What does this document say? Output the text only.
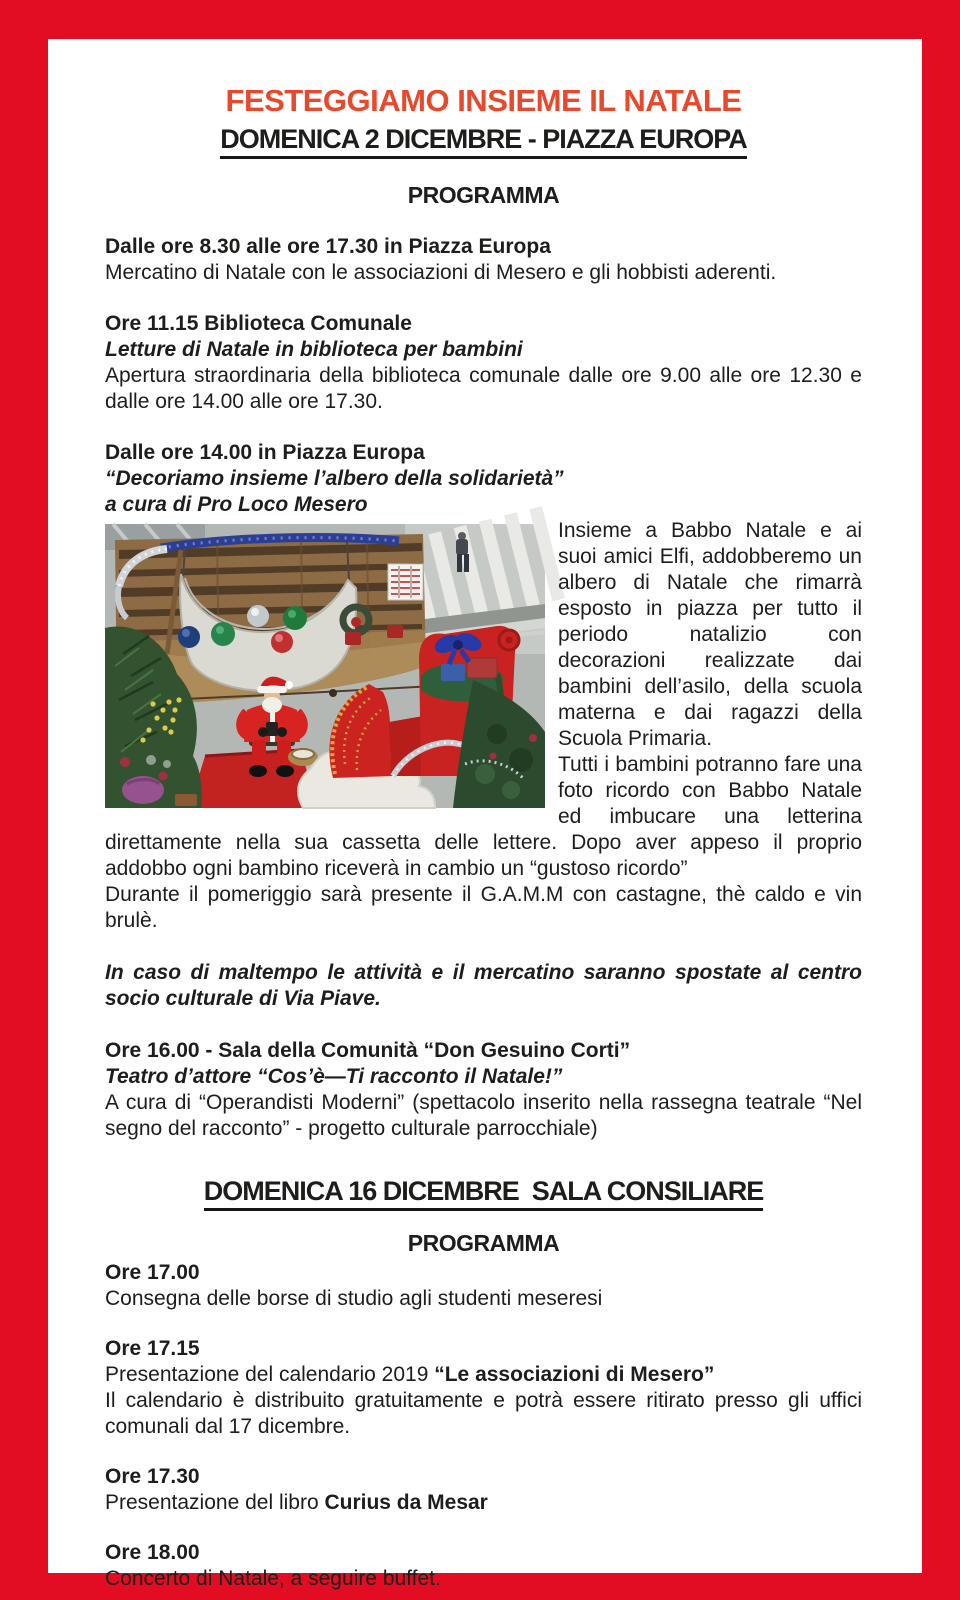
FESTEGGIAMO INSIEME IL NATALE
DOMENICA 2 DICEMBRE - PIAZZA EUROPA
PROGRAMMA

Dalle ore 8.30 alle ore 17.30 in Piazza Europa

Mercatino di Natale con le associazioni di Mesero e gli hobbisti aderenti.

Ore 11.15 Biblioteca Comunale

Letture di Natale in biblioteca per bambini

Apertura straordinaria della biblioteca comunale dalle ore 9.00 alle ore 12.30 e dalle ore 14.00 alle ore 17.30.

Dalle ore 14.00 in Piazza Europa

“Decoriamo insieme l’albero della solidarietà”

a cura di Pro Loco Mesero

Insieme a Babbo Natale e ai suoi amici Elfi, addobberemo un albero di Natale che rimarrà esposto in piazza per tutto il periodo natalizio con decorazioni realizzate dai bambini dell’asilo, della scuola materna e dai ragazzi della Scuola Primaria.

Tutti i bambini potranno fare una foto ricordo con Babbo Natale ed imbucare una letterina direttamente nella sua cassetta delle lettere. Dopo aver appeso il proprio addobbo ogni bambino riceverà in cambio un “gustoso ricordo”

Durante il pomeriggio sarà presente il G.A.M.M con castagne, thè caldo e vin brulè.

In caso di maltempo le attività e il mercatino saranno spostate al centro socio culturale di Via Piave.

Ore 16.00 - Sala della Comunità “Don Gesuino Corti”

Teatro d’attore “Cos’è—Ti racconto il Natale!”

A cura di “Operandisti Moderni” (spettacolo inserito nella rassegna teatrale “Nel segno del racconto” - progetto culturale parrocchiale)

DOMENICA 16 DICEMBRE  SALA CONSILIARE
PROGRAMMA

Ore 17.00

Consegna delle borse di studio agli studenti meseresi

Ore 17.15

Presentazione del calendario 2019 “Le associazioni di Mesero”

Il calendario è distribuito gratuitamente e potrà essere ritirato presso gli uffici comunali dal 17 dicembre.

Ore 17.30

Presentazione del libro Curius da Mesar

Ore 18.00

Concerto di Natale, a seguire buffet.
